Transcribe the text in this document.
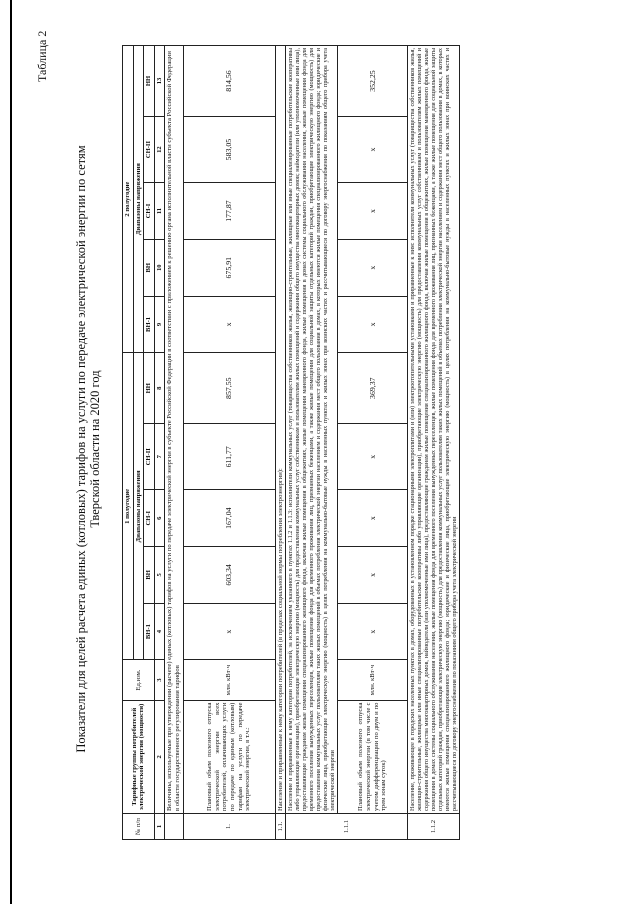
Таблица 2
Показатели для целей расчета единых (котловых) тарифов на услуги по передаче электрической энергии по сетям Тверской области на 2020 год
№ п/п	Тарифные группы потребителей электрической энергии (мощности)	Ед.изм.	1 полугодие					2 полугодие				
			Диапазоны напряжения					Диапазоны напряжения				
			ВН-1	ВН	СН-I	СН-II	НН	ВН-1	ВН	СН-I	СН-II	НН
1	2	3	4	5	6	7	8	9	10	11	12	13
	Величины, используемые при утверждении (расчете) единых (котловых) тарифов на услуги по передаче электрической энергии в субъекте Российской Федерации в соответствии с приложением к решению органа исполнительной власти субъекта Российской Федерации в области государственного регулирования тарифов											
1.	Плановый объем полезного отпуска электрической энергии всех потребителей, оплачивающих услуги по передаче по единым (котловым) тарифам на услуги по передаче электрической энергии, в т.ч.:	млн. кВт·ч	x	603,34	167,04	611,77	857,55	x	675,91	177,87	583,05	814,56
1.1.	Население и приравненные к нему категории потребителей (в пределах социальной нормы потребления электроэнергии):											
1.1.1	Население и приравненные к нему категории потребителей, за исключением указанного в пунктах 1.1.2 и 1.1.3: исполнители коммунальных услуг (товарищества собственников жилья, жилищно-строительные, жилищные или иные специализированные потребительские кооперативы либо управляющие организации), приобретающие электрическую энергию (мощность) для предоставления коммунальных услуг собственникам и пользователям жилых помещений и содержания общего имущества многоквартирных домов; наймодатели (или уполномоченные ими лица), предоставляющие гражданам жилые помещения специализированного жилищного фонда, включая жилые помещения в общежитиях, жилые помещения маневренного фонда, жилые помещения в домах системы социального обслуживания населения, жилые помещения фонда для временного поселения вынужденных переселенцев, жилые помещения фонда для временного проживания лиц, признанных беженцами, а также жилые помещения для социальной защиты отдельных категорий граждан, приобретающие электрическую энергию (мощность) для предоставления коммунальных услуг пользователям таких жилых помещений в объемах потребления электрической энергии населением и содержания мест общего пользования в домах, в которых имеются жилые помещения специализированного жилищного фонда; юридические и физические лица, приобретающие электрическую энергию (мощность) в целях потребления на коммунально-бытовые нужды в населенных пунктах и жилых зонах при воинских частях и рассчитывающиеся по договору энергоснабжения по показаниям общего прибора учета электрической энергии											
	Плановый объем полезного отпуска электрической энергии (в том числе с учетом дифференциации по двум и по трем зонам суток)	млн. кВт·ч	x	x	x	x	369,37	x	x	x	x	352,25
1.1.2	Население, проживающее в городских населенных пунктах в домах, оборудованных в установленном порядке стационарными электроплитами и (или) электроотопительными установками и приравненные к ним: исполнители коммунальных услуг (товарищества собственников жилья, жилищно-строительные, жилищные или иные специализированные потребительские кооперативы либо управляющие организации), приобретающие электрическую энергию (мощность) для предоставления коммунальных услуг собственникам и пользователям жилых помещений и содержания общего имущества многоквартирных домов, наймодатели (или уполномоченные ими лица), предоставляющие гражданам жилые помещения специализированного жилищного фонда, включая жилые помещения в общежитиях, жилые помещения маневренного фонда, жилые помещения в домах системы социального обслуживания населения, жилые помещения фонда для временного поселения вынужденных переселенцев, жилые помещения фонда для временного проживания лиц, признанных беженцами, а также жилые помещения для социальной защиты отдельных категорий граждан, приобретающие электрическую энергию (мощность) для предоставления коммунальных услуг пользователям таких жилых помещений в объемах потребления электрической энергии населением и содержания мест общего пользования в домах, в которых имеются жилые помещения специализированного жилищного фонда; юридические и физические лица, приобретающие электрическую энергию (мощность) в целях потребления на коммунально-бытовые нужды в населенных пунктах и жилых зонах при воинских частях и рассчитывающиеся по договору энергоснабжения по показаниям общего прибора учета электрической энергии											
